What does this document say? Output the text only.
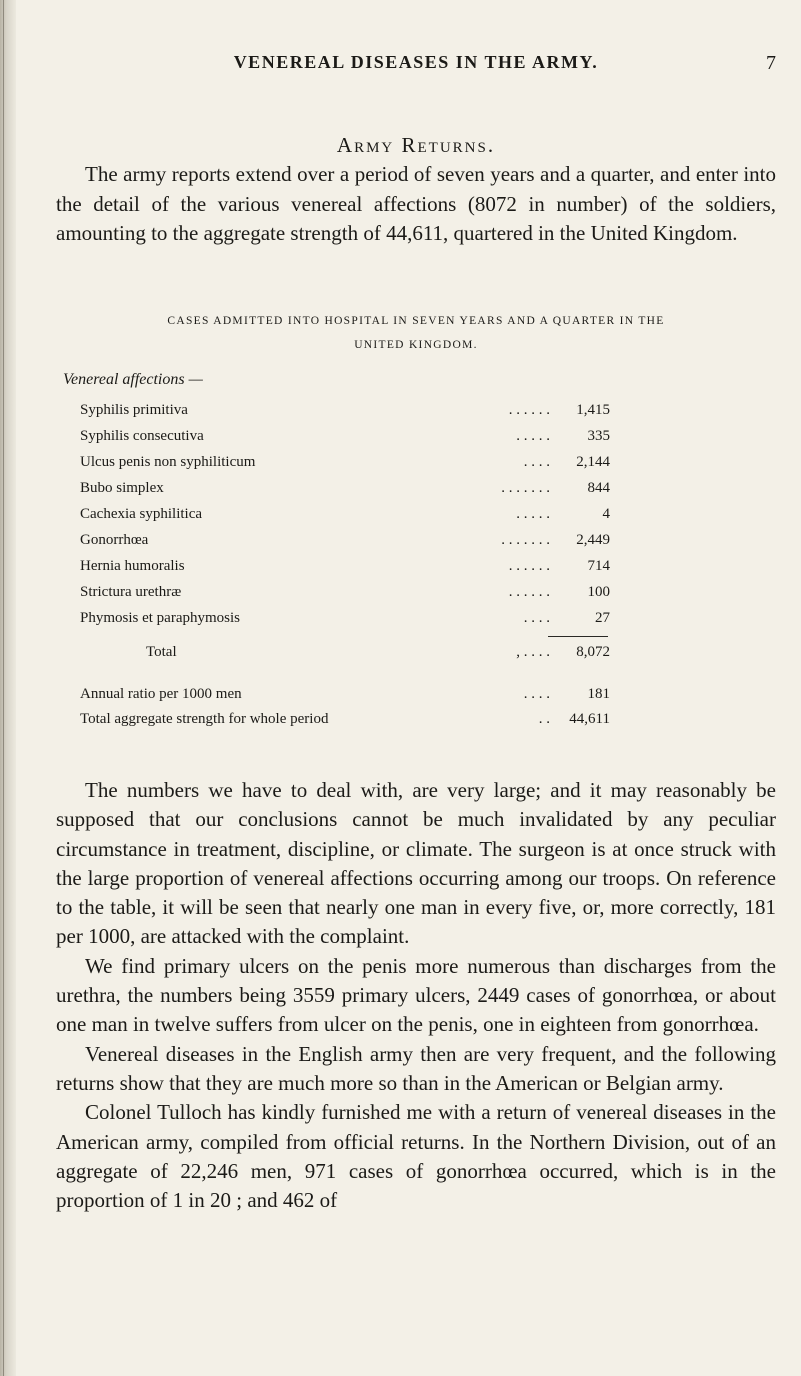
VENEREAL DISEASES IN THE ARMY.	7
Army Returns.

The army reports extend over a period of seven years and a quarter, and enter into the detail of the various venereal affections (8072 in number) of the soldiers, amounting to the aggregate strength of 44,611, quartered in the United Kingdom.

CASES ADMITTED INTO HOSPITAL IN SEVEN YEARS AND A QUARTER IN THE
UNITED KINGDOM.
Venereal affections —
Syphilis primitiva	. . . . . . 1,415
Syphilis consecutiva	. . . . .	335
Ulcus penis non syphiliticum	. . . . 2,144
Bubo simplex	. . . . . . .	844
Cachexia syphilitica	. . . . .	4
Gonorrhœa	. . . . . . . 2,449
Hernia humoralis	. . . . . .	714
Strictura urethræ	. . . . . .	100
Phymosis et paraphymosis	. . . .	27
Total	, . . . . 8,072
Annual ratio per 1000 men	. . . .	181
Total aggregate strength for whole period	. . 44,611

The numbers we have to deal with, are very large; and it may reasonably be supposed that our conclusions cannot be much invalidated by any peculiar circumstance in treatment, discipline, or climate. The surgeon is at once struck with the large proportion of venereal affections occurring among our troops. On reference to the table, it will be seen that nearly one man in every five, or, more correctly, 181 per 1000, are attacked with the complaint.

We find primary ulcers on the penis more numerous than discharges from the urethra, the numbers being 3559 primary ulcers, 2449 cases of gonorrhœa, or about one man in twelve suffers from ulcer on the penis, one in eighteen from gonorrhœa.

Venereal diseases in the English army then are very frequent, and the following returns show that they are much more so than in the American or Belgian army.

Colonel Tulloch has kindly furnished me with a return of venereal diseases in the American army, compiled from official returns. In the Northern Division, out of an aggregate of 22,246 men, 971 cases of gonorrhœa occurred, which is in the proportion of 1 in 20 ; and 462 of
